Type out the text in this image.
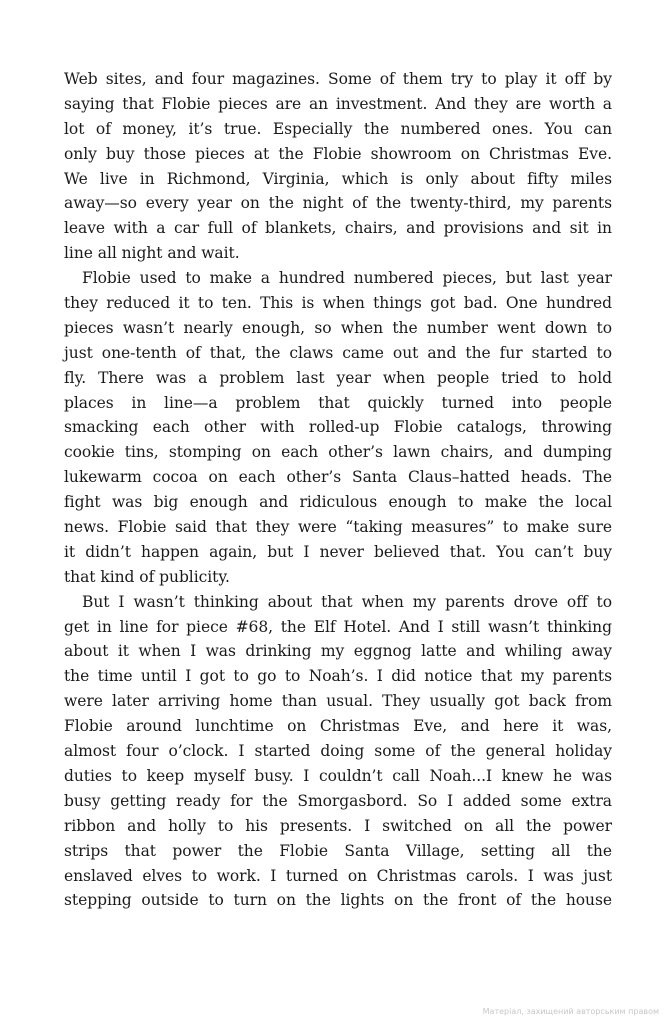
Web sites, and four magazines. Some of them try to play it off by
saying that Flobie pieces are an investment. And they are worth a
lot of money, it’s true. Especially the numbered ones. You can
only buy those pieces at the Flobie showroom on Christmas Eve.
We live in Richmond, Virginia, which is only about fifty miles
away—so every year on the night of the twenty-third, my parents
leave with a car full of blankets, chairs, and provisions and sit in
line all night and wait.
Flobie used to make a hundred numbered pieces, but last year
they reduced it to ten. This is when things got bad. One hundred
pieces wasn’t nearly enough, so when the number went down to
just one-tenth of that, the claws came out and the fur started to
fly. There was a problem last year when people tried to hold
places in line—a problem that quickly turned into people
smacking each other with rolled-up Flobie catalogs, throwing
cookie tins, stomping on each other’s lawn chairs, and dumping
lukewarm cocoa on each other’s Santa Claus–hatted heads. The
fight was big enough and ridiculous enough to make the local
news. Flobie said that they were “taking measures” to make sure
it didn’t happen again, but I never believed that. You can’t buy
that kind of publicity.
But I wasn’t thinking about that when my parents drove off to
get in line for piece #68, the Elf Hotel. And I still wasn’t thinking
about it when I was drinking my eggnog latte and whiling away
the time until I got to go to Noah’s. I did notice that my parents
were later arriving home than usual. They usually got back from
Flobie around lunchtime on Christmas Eve, and here it was,
almost four o’clock. I started doing some of the general holiday
duties to keep myself busy. I couldn’t call Noah...I knew he was
busy getting ready for the Smorgasbord. So I added some extra
ribbon and holly to his presents. I switched on all the power
strips that power the Flobie Santa Village, setting all the
enslaved elves to work. I turned on Christmas carols. I was just
stepping outside to turn on the lights on the front of the house
Матеріал, захищений авторським правом
